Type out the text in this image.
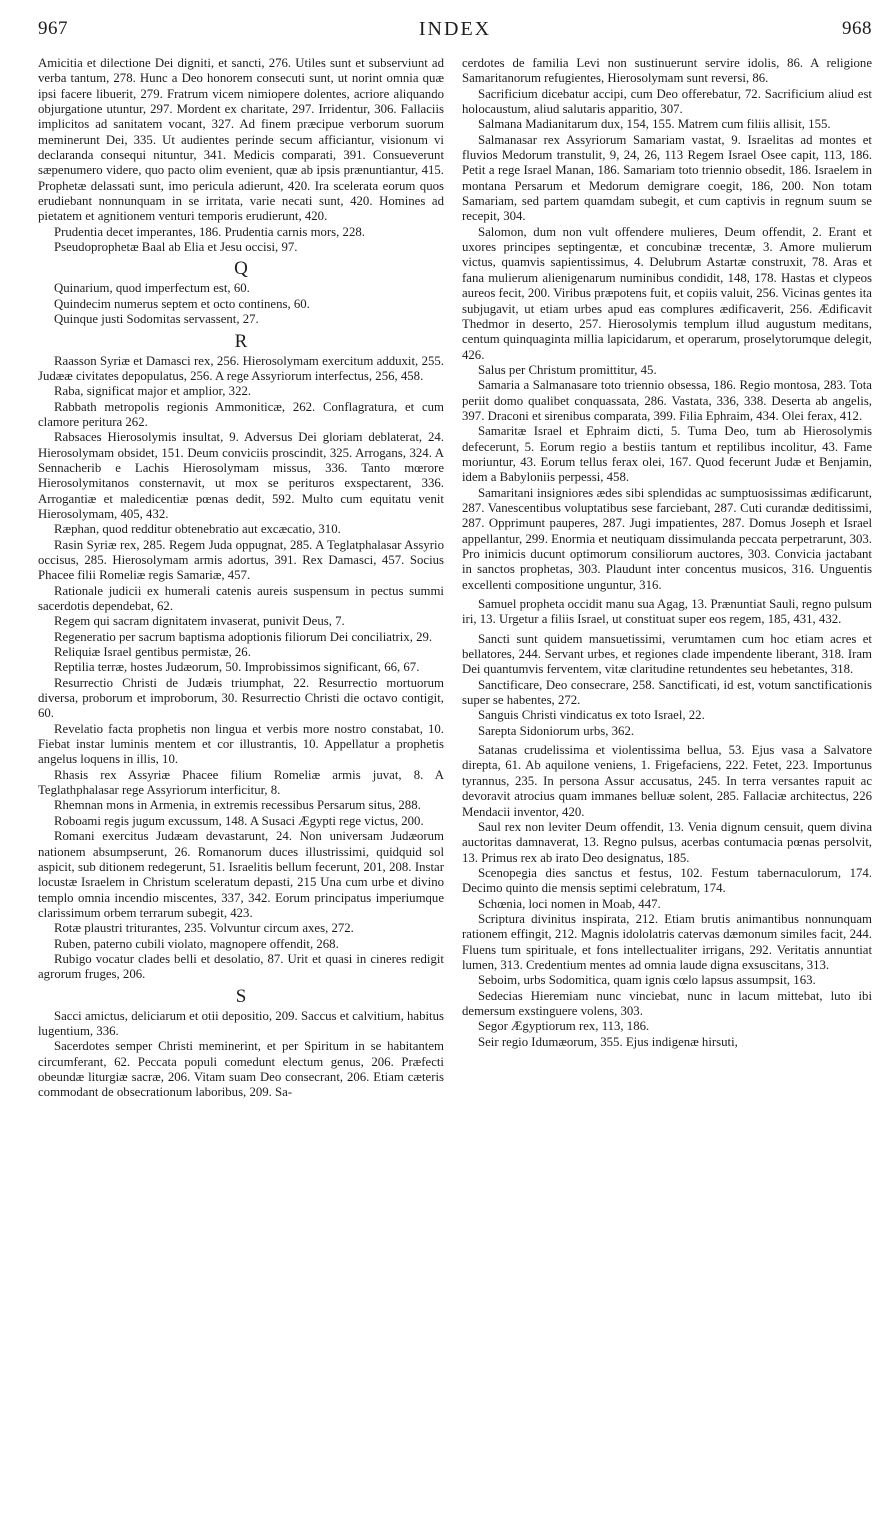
967	INDEX	968

Amicitia et dilectione Dei digniti, et sancti, 276. Utiles sunt et subserviunt ad verba tantum, 278. Hunc a Deo honorem consecuti sunt, ut norint omnia quæ ipsi facere libuerit, 279. Fratrum vicem nimiopere dolentes, acriore aliquando objurgatione utuntur, 297. Mordent ex charitate, 297. Irridentur, 306. Fallaciis implicitos ad sanitatem vocant, 327. Ad finem præcipue verborum suorum meminerunt Dei, 335. Ut audientes perinde secum afficiantur, visionum vi declaranda consequi nituntur, 341. Medicis comparati, 391. Consueverunt sæpenumero videre, quo pacto olim evenient, quæ ab ipsis prænuntiantur, 415. Prophetæ delassati sunt, imo pericula adierunt, 420. Ira scelerata eorum quos erudiebant nonnunquam in se irritata, varie necati sunt, 420. Homines ad pietatem et agnitionem venturi temporis erudierunt, 420.

Prudentia decet imperantes, 186. Prudentia carnis mors, 228.

Pseudoprophetæ Baal ab Elia et Jesu occisi, 97.

Q

Quinarium, quod imperfectum est, 60.

Quindecim numerus septem et octo continens, 60.

Quinque justi Sodomitas servassent, 27.

R

Raasson Syriæ et Damasci rex, 256. Hierosolymam exercitum adduxit, 255. Judææ civitates depopulatus, 256. A rege Assyriorum interfectus, 256, 458.

Raba, significat major et amplior, 322.

Rabbath metropolis regionis Ammoniticæ, 262. Conflagratura, et cum clamore peritura 262.

Rabsaces Hierosolymis insultat, 9. Adversus Dei gloriam deblaterat, 24. Hierosolymam obsidet, 151. Deum conviciis proscindit, 325. Arrogans, 324. A Sennacherib e Lachis Hierosolymam missus, 336. Tanto mœrore Hierosolymitanos consternavit, ut mox se perituros exspectarent, 336. Arrogantiæ et maledicentiæ pœnas dedit, 592. Multo cum equitatu venit Hierosolymam, 405, 432.

Ræphan, quod redditur obtenebratio aut excæcatio, 310.

Rasin Syriæ rex, 285. Regem Juda oppugnat, 285. A Teglatphalasar Assyrio occisus, 285. Hierosolymam armis adortus, 391. Rex Damasci, 457. Socius Phacee filii Romeliæ regis Samariæ, 457.

Rationale judicii ex humerali catenis aureis suspensum in pectus summi sacerdotis dependebat, 62.

Regem qui sacram dignitatem invaserat, punivit Deus, 7.

Regeneratio per sacrum baptisma adoptionis filiorum Dei conciliatrix, 29.

Reliquiæ Israel gentibus permistæ, 26.

Reptilia terræ, hostes Judæorum, 50. Improbissimos significant, 66, 67.

Resurrectio Christi de Judæis triumphat, 22. Resurrectio mortuorum diversa, proborum et improborum, 30. Resurrectio Christi die octavo contigit, 60.

Revelatio facta prophetis non lingua et verbis more nostro constabat, 10. Fiebat instar luminis mentem et cor illustrantis, 10. Appellatur a prophetis angelus loquens in illis, 10.

Rhasis rex Assyriæ Phacee filium Romeliæ armis juvat, 8. A Teglathphalasar rege Assyriorum interficitur, 8.

Rhemnan mons in Armenia, in extremis recessibus Persarum situs, 288.

Roboami regis jugum excussum, 148. A Susaci Ægypti rege victus, 200.

Romani exercitus Judæam devastarunt, 24. Non universam Judæorum nationem absumpserunt, 26. Romanorum duces illustrissimi, quidquid sol aspicit, sub ditionem redegerunt, 51. Israelitis bellum fecerunt, 201, 208. Instar locustæ Israelem in Christum sceleratum depasti, 215 Una cum urbe et divino templo omnia incendio miscentes, 337, 342. Eorum principatus imperiumque clarissimum orbem terrarum subegit, 423.

Rotæ plaustri triturantes, 235. Volvuntur circum axes, 272.

Ruben, paterno cubili violato, magnopere offendit, 268.

Rubigo vocatur clades belli et desolatio, 87. Urit et quasi in cineres redigit agrorum fruges, 206.

S

Sacci amictus, deliciarum et otii depositio, 209. Saccus et calvitium, habitus lugentium, 336.

Sacerdotes semper Christi meminerint, et per Spiritum in se habitantem circumferant, 62. Peccata populi comedunt electum genus, 206. Præfecti obeundæ liturgiæ sacræ, 206. Vitam suam Deo consecrant, 206. Etiam cæteris commodant de obsecrationum laboribus, 209. Sa-

cerdotes de familia Levi non sustinuerunt servire idolis, 86. A religione Samaritanorum refugientes, Hierosolymam sunt reversi, 86.

Sacrificium dicebatur accipi, cum Deo offerebatur, 72. Sacrificium aliud est holocaustum, aliud salutaris apparitio, 307.

Salmana Madianitarum dux, 154, 155. Matrem cum filiis allisit, 155.

Salmanasar rex Assyriorum Samariam vastat, 9. Israelitas ad montes et fluvios Medorum transtulit, 9, 24, 26, 113 Regem Israel Osee capit, 113, 186. Petit a rege Israel Manan, 186. Samariam toto triennio obsedit, 186. Israelem in montana Persarum et Medorum demigrare coegit, 186, 200. Non totam Samariam, sed partem quamdam subegit, et cum captivis in regnum suum se recepit, 304.

Salomon, dum non vult offendere mulieres, Deum offendit, 2. Erant et uxores principes septingentæ, et concubinæ trecentæ, 3. Amore mulierum victus, quamvis sapientissimus, 4. Delubrum Astartæ construxit, 78. Aras et fana mulierum alienigenarum numinibus condidit, 148, 178. Hastas et clypeos aureos fecit, 200. Viribus præpotens fuit, et copiis valuit, 256. Vicinas gentes ita subjugavit, ut etiam urbes apud eas complures ædificaverit, 256. Ædificavit Thedmor in deserto, 257. Hierosolymis templum illud augustum meditans, centum quinquaginta millia lapicidarum, et operarum, proselytorumque delegit, 426.

Salus per Christum promittitur, 45.

Samaria a Salmanasare toto triennio obsessa, 186. Regio montosa, 283. Tota periit domo qualibet conquassata, 286. Vastata, 336, 338. Deserta ab angelis, 397. Draconi et sirenibus comparata, 399. Filia Ephraim, 434. Olei ferax, 412.

Samaritæ Israel et Ephraim dicti, 5. Tuma Deo, tum ab Hierosolymis defecerunt, 5. Eorum regio a bestiis tantum et reptilibus incolitur, 43. Fame moriuntur, 43. Eorum tellus ferax olei, 167. Quod fecerunt Judæ et Benjamin, idem a Babyloniis perpessi, 458.

Samaritani insigniores ædes sibi splendidas ac sumptuosissimas ædificarunt, 287. Vanescentibus voluptatibus sese farciebant, 287. Cuti curandæ deditissimi, 287. Opprimunt pauperes, 287. Jugi impatientes, 287. Domus Joseph et Israel appellantur, 299. Enormia et neutiquam dissimulanda peccata perpetrarunt, 303. Pro inimicis ducunt optimorum consiliorum auctores, 303. Convicia jactabant in sanctos prophetas, 303. Plaudunt inter concentus musicos, 316. Unguentis excellenti compositione unguntur, 316.

Samuel propheta occidit manu sua Agag, 13. Prænuntiat Sauli, regno pulsum iri, 13. Urgetur a filiis Israel, ut constituat super eos regem, 185, 431, 432.

Sancti sunt quidem mansuetissimi, verumtamen cum hoc etiam acres et bellatores, 244. Servant urbes, et regiones clade impendente liberant, 318. Iram Dei quantumvis ferventem, vitæ claritudine retundentes seu hebetantes, 318.

Sanctificare, Deo consecrare, 258. Sanctificati, id est, votum sanctificationis super se habentes, 272.

Sanguis Christi vindicatus ex toto Israel, 22.

Sarepta Sidoniorum urbs, 362.

Satanas crudelissima et violentissima bellua, 53. Ejus vasa a Salvatore direpta, 61. Ab aquilone veniens, 1. Frigefaciens, 222. Fetet, 223. Importunus tyrannus, 235. In persona Assur accusatus, 245. In terra versantes rapuit ac devoravit atrocius quam immanes belluæ solent, 285. Fallaciæ architectus, 226 Mendacii inventor, 420.

Saul rex non leviter Deum offendit, 13. Venia dignum censuit, quem divina auctoritas damnaverat, 13. Regno pulsus, acerbas contumacia pœnas persolvit, 13. Primus rex ab irato Deo designatus, 185.

Scenopegia dies sanctus et festus, 102. Festum tabernaculorum, 174. Decimo quinto die mensis septimi celebratum, 174.

Schœnia, loci nomen in Moab, 447.

Scriptura divinitus inspirata, 212. Etiam brutis animantibus nonnunquam rationem effingit, 212. Magnis idololatris catervas dæmonum similes facit, 244. Fluens tum spirituale, et fons intellectualiter irrigans, 292. Veritatis annuntiat lumen, 313. Credentium mentes ad omnia laude digna exsuscitans, 313.

Seboim, urbs Sodomitica, quam ignis cœlo lapsus assumpsit, 163.

Sedecias Hieremiam nunc vinciebat, nunc in lacum mittebat, luto ibi demersum exstinguere volens, 303.

Segor Ægyptiorum rex, 113, 186.

Seir regio Idumæorum, 355. Ejus indigenæ hirsuti,
